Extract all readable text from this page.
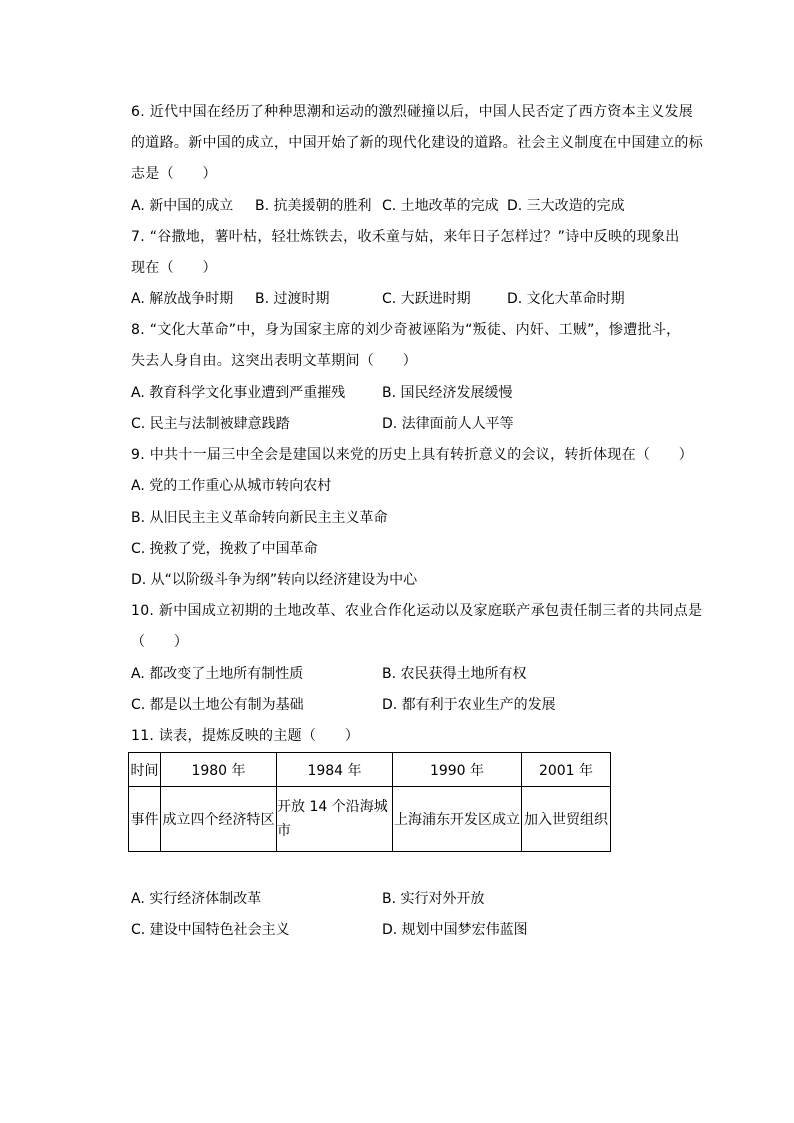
6. 近代中国在经历了种种思潮和运动的激烈碰撞以后，中国人民否定了西方资本主义发展
的道路。新中国的成立，中国开始了新的现代化建设的道路。社会主义制度在中国建立的标
志是（　　）
A. 新中国的成立 B. 抗美援朝的胜利 C. 土地改革的完成 D. 三大改造的完成
7. “谷撒地，薯叶枯，轻壮炼铁去，收禾童与姑，来年日子怎样过？”诗中反映的现象出
现在（　　）
A. 解放战争时期 B. 过渡时期	C. 大跃进时期	D. 文化大革命时期
8. “文化大革命”中，身为国家主席的刘少奇被诬陷为“叛徒、内奸、工贼”，惨遭批斗，
失去人身自由。这突出表明文革期间（　　）
A. 教育科学文化事业遭到严重摧残	B. 国民经济发展缓慢
C. 民主与法制被肆意践踏	D. 法律面前人人平等
9. 中共十一届三中全会是建国以来党的历史上具有转折意义的会议，转折体现在（　　）
A. 党的工作重心从城市转向农村
B. 从旧民主主义革命转向新民主主义革命
C. 挽救了党，挽救了中国革命
D. 从“以阶级斗争为纲”转向以经济建设为中心
10. 新中国成立初期的土地改革、农业合作化运动以及家庭联产承包责任制三者的共同点是
（　　）
A. 都改变了土地所有制性质	B. 农民获得土地所有权
C. 都是以土地公有制为基础	D. 都有利于农业生产的发展
11. 读表，提炼反映的主题（　　）
时间	1980 年	1984 年	1990 年	2001 年
事件	成立四个经济特区	开放 14 个沿海城市	上海浦东开发区成立	加入世贸组织
A. 实行经济体制改革	B. 实行对外开放
C. 建设中国特色社会主义	D. 规划中国梦宏伟蓝图
